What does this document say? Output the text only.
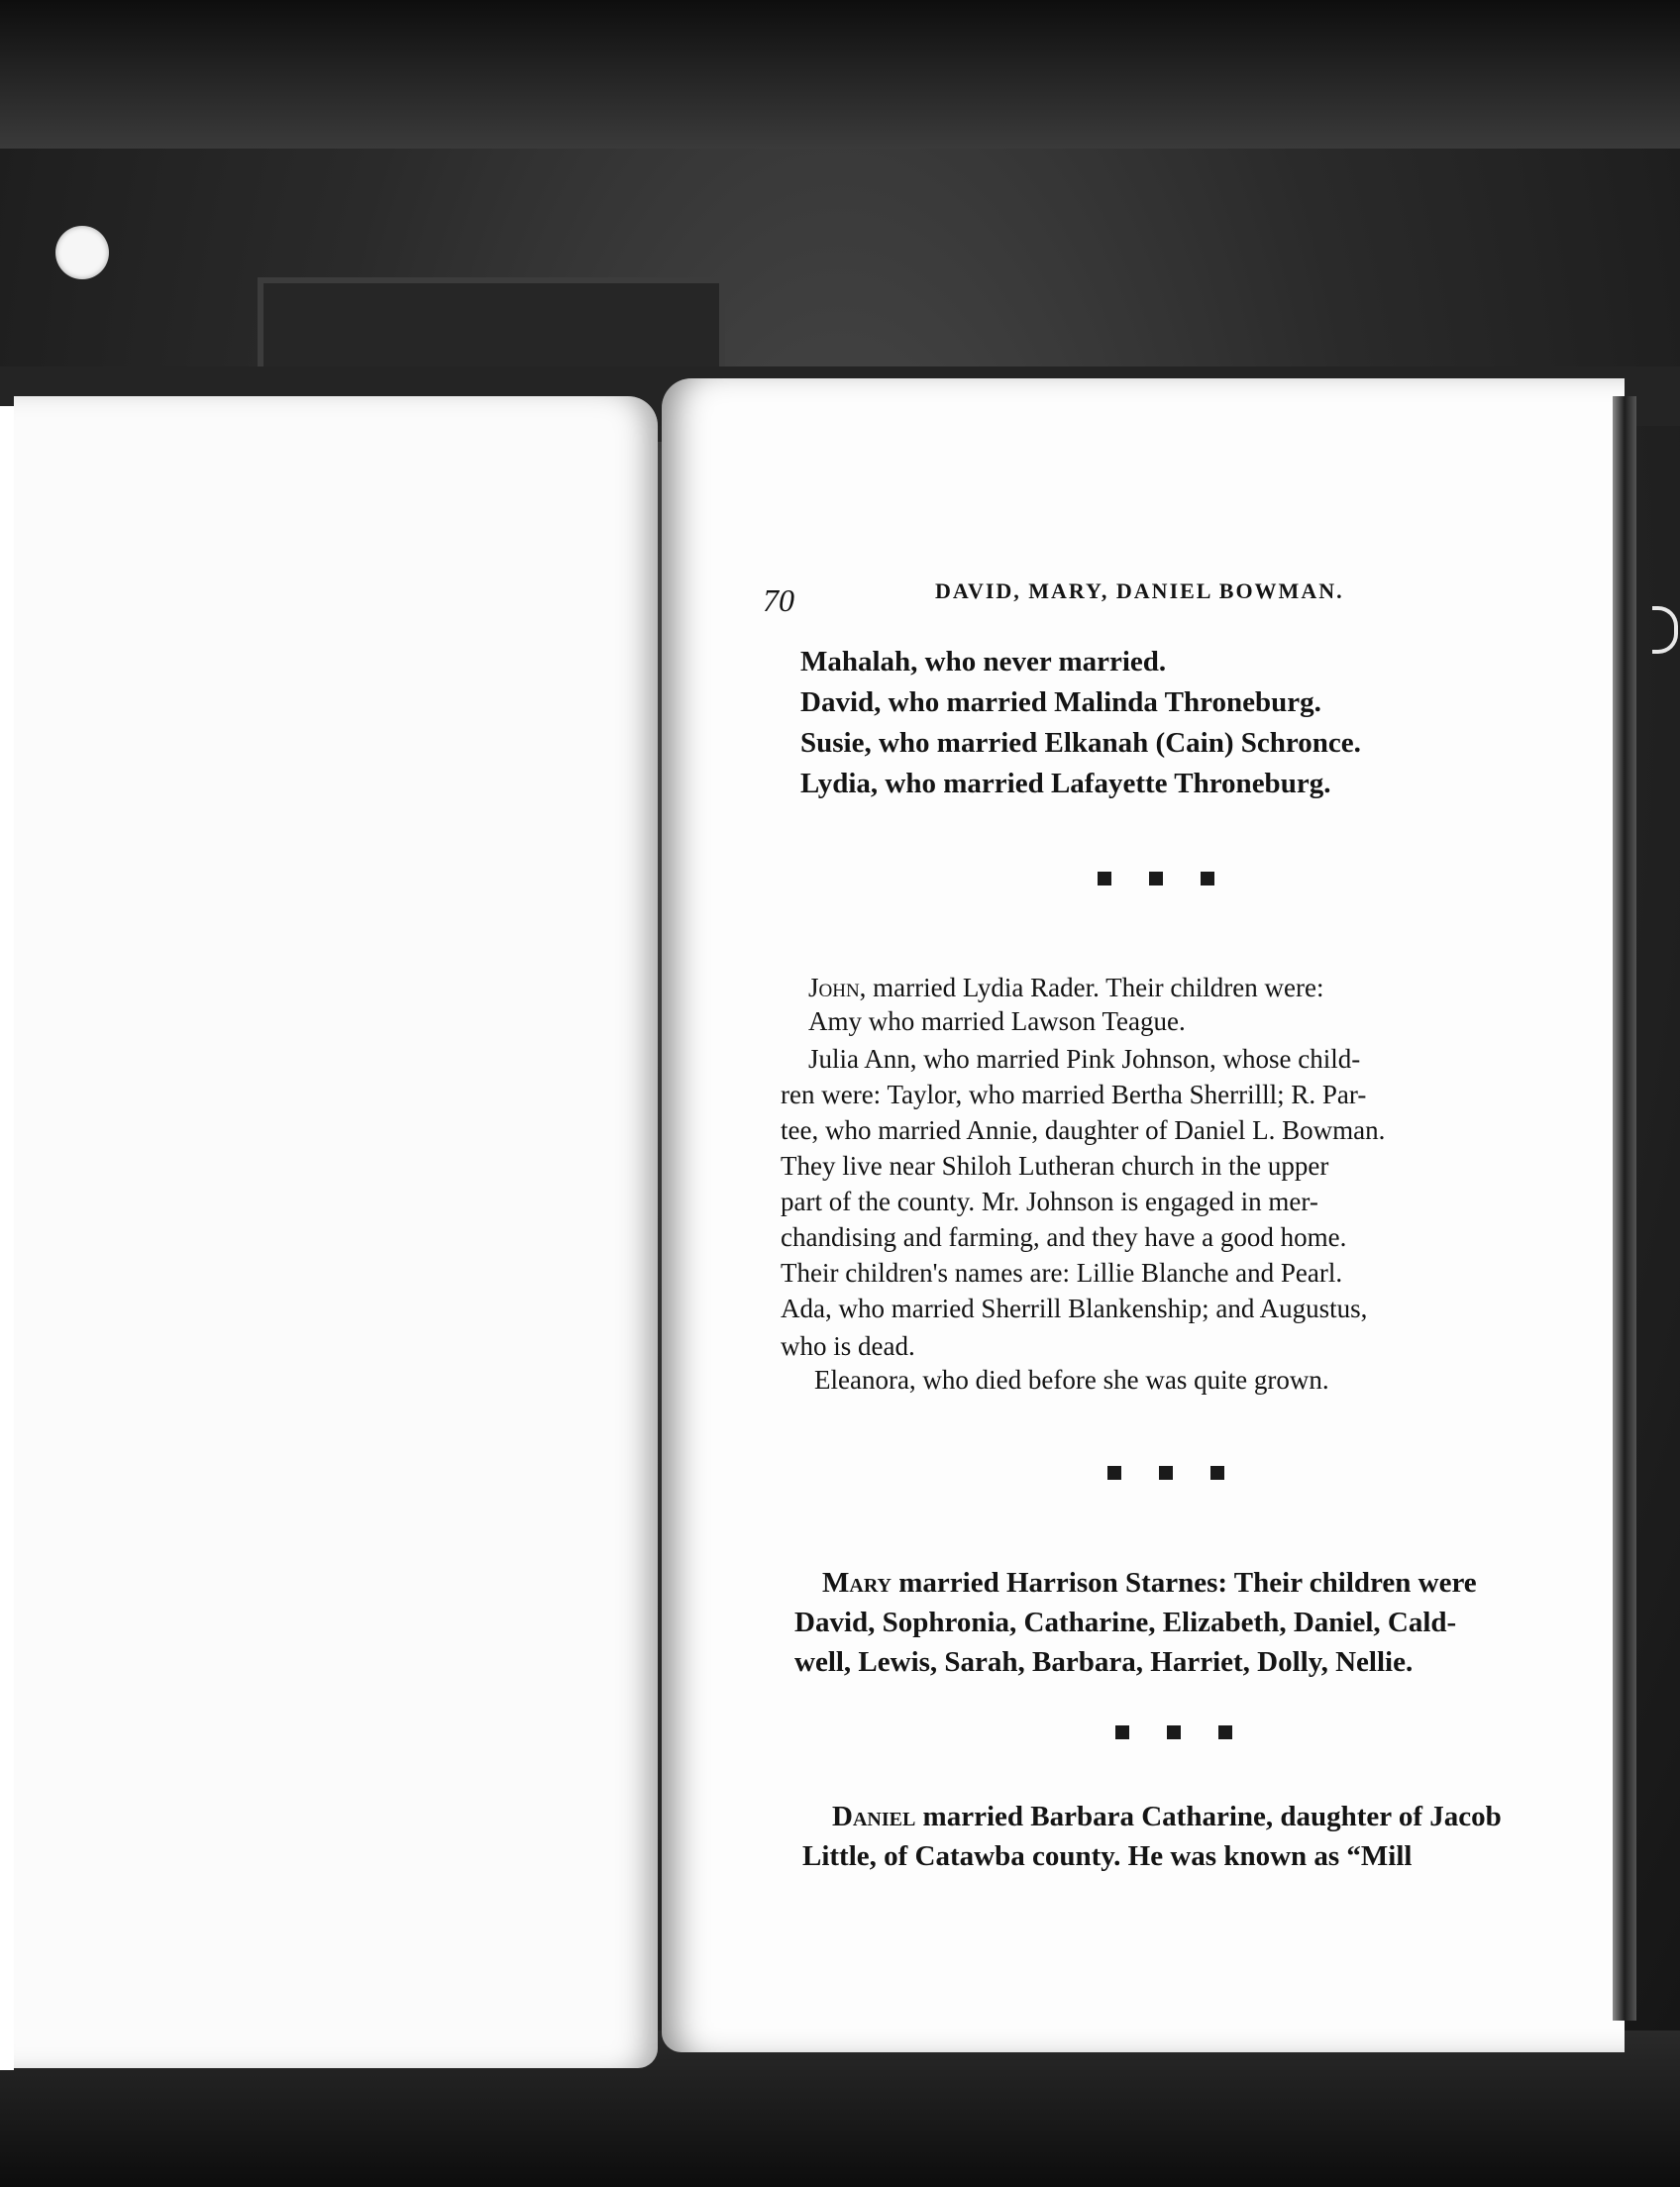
70	DAVID, MARY, DANIEL BOWMAN.
Mahalah, who never married.
David, who married Malinda Throneburg.
Susie, who married Elkanah (Cain) Schronce.
Lydia, who married Lafayette Throneburg.
John, married Lydia Rader. Their children were:
Amy who married Lawson Teague.
Julia Ann, who married Pink Johnson, whose child-
ren were: Taylor, who married Bertha Sherrilll; R. Par-
tee, who married Annie, daughter of Daniel L. Bowman.
They live near Shiloh Lutheran church in the upper
part of the county. Mr. Johnson is engaged in mer-
chandising and farming, and they have a good home.
Their children's names are: Lillie Blanche and Pearl.
Ada, who married Sherrill Blankenship; and Augustus,
who is dead.
Eleanora, who died before she was quite grown.
Mary married Harrison Starnes: Their children were
David, Sophronia, Catharine, Elizabeth, Daniel, Cald-
well, Lewis, Sarah, Barbara, Harriet, Dolly, Nellie.
Daniel married Barbara Catharine, daughter of Jacob
Little, of Catawba county. He was known as “Mill
